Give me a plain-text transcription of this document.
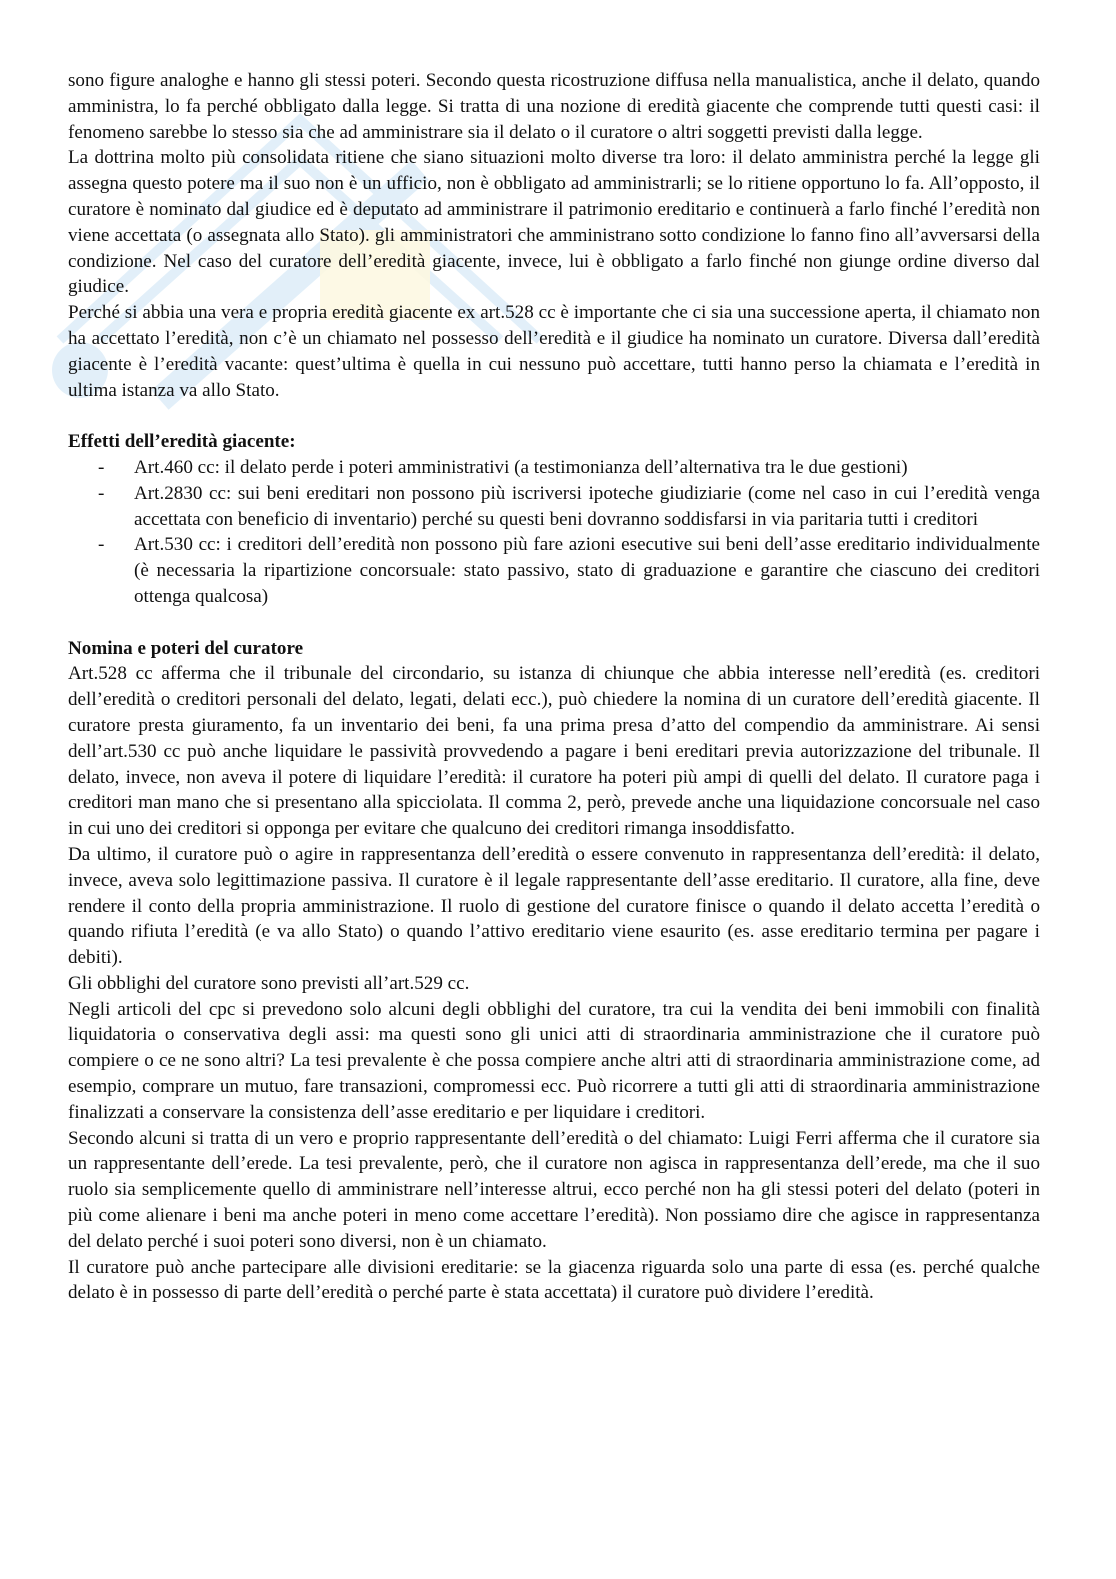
sono figure analoghe e hanno gli stessi poteri. Secondo questa ricostruzione diffusa nella manualistica, anche il delato, quando amministra, lo fa perché obbligato dalla legge. Si tratta di una nozione di eredità giacente che comprende tutti questi casi: il fenomeno sarebbe lo stesso sia che ad amministrare sia il delato o il curatore o altri soggetti previsti dalla legge.

La dottrina molto più consolidata ritiene che siano situazioni molto diverse tra loro: il delato amministra perché la legge gli assegna questo potere ma il suo non è un ufficio, non è obbligato ad amministrarli; se lo ritiene opportuno lo fa. All’opposto, il curatore è nominato dal giudice ed è deputato ad amministrare il patrimonio ereditario e continuerà a farlo finché l’eredità non viene accettata (o assegnata allo Stato). gli amministratori che amministrano sotto condizione lo fanno fino all’avversarsi della condizione. Nel caso del curatore dell’eredità giacente, invece, lui è obbligato a farlo finché non giunge ordine diverso dal giudice.

Perché si abbia una vera e propria eredità giacente ex art.528 cc è importante che ci sia una successione aperta, il chiamato non ha accettato l’eredità, non c’è un chiamato nel possesso dell’eredità e il giudice ha nominato un curatore. Diversa dall’eredità giacente è l’eredità vacante: quest’ultima è quella in cui nessuno può accettare, tutti hanno perso la chiamata e l’eredità in ultima istanza va allo Stato.

Effetti dell’eredità giacente:
- Art.460 cc: il delato perde i poteri amministrativi (a testimonianza dell’alternativa tra le due gestioni)
- Art.2830 cc: sui beni ereditari non possono più iscriversi ipoteche giudiziarie (come nel caso in cui l’eredità venga accettata con beneficio di inventario) perché su questi beni dovranno soddisfarsi in via paritaria tutti i creditori
- Art.530 cc: i creditori dell’eredità non possono più fare azioni esecutive sui beni dell’asse ereditario individualmente (è necessaria la ripartizione concorsuale: stato passivo, stato di graduazione e garantire che ciascuno dei creditori ottenga qualcosa)
Nomina e poteri del curatore

Art.528 cc afferma che il tribunale del circondario, su istanza di chiunque che abbia interesse nell’eredità (es. creditori dell’eredità o creditori personali del delato, legati, delati ecc.), può chiedere la nomina di un curatore dell’eredità giacente. Il curatore presta giuramento, fa un inventario dei beni, fa una prima presa d’atto del compendio da amministrare. Ai sensi dell’art.530 cc può anche liquidare le passività provvedendo a pagare i beni ereditari previa autorizzazione del tribunale. Il delato, invece, non aveva il potere di liquidare l’eredità: il curatore ha poteri più ampi di quelli del delato. Il curatore paga i creditori man mano che si presentano alla spicciolata. Il comma 2, però, prevede anche una liquidazione concorsuale nel caso in cui uno dei creditori si opponga per evitare che qualcuno dei creditori rimanga insoddisfatto.

Da ultimo, il curatore può o agire in rappresentanza dell’eredità o essere convenuto in rappresentanza dell’eredità: il delato, invece, aveva solo legittimazione passiva. Il curatore è il legale rappresentante dell’asse ereditario. Il curatore, alla fine, deve rendere il conto della propria amministrazione. Il ruolo di gestione del curatore finisce o quando il delato accetta l’eredità o quando rifiuta l’eredità (e va allo Stato) o quando l’attivo ereditario viene esaurito (es. asse ereditario termina per pagare i debiti).

Gli obblighi del curatore sono previsti all’art.529 cc.

Negli articoli del cpc si prevedono solo alcuni degli obblighi del curatore, tra cui la vendita dei beni immobili con finalità liquidatoria o conservativa degli assi: ma questi sono gli unici atti di straordinaria amministrazione che il curatore può compiere o ce ne sono altri? La tesi prevalente è che possa compiere anche altri atti di straordinaria amministrazione come, ad esempio, comprare un mutuo, fare transazioni, compromessi ecc. Può ricorrere a tutti gli atti di straordinaria amministrazione finalizzati a conservare la consistenza dell’asse ereditario e per liquidare i creditori.

Secondo alcuni si tratta di un vero e proprio rappresentante dell’eredità o del chiamato: Luigi Ferri afferma che il curatore sia un rappresentante dell’erede. La tesi prevalente, però, che il curatore non agisca in rappresentanza dell’erede, ma che il suo ruolo sia semplicemente quello di amministrare nell’interesse altrui, ecco perché non ha gli stessi poteri del delato (poteri in più come alienare i beni ma anche poteri in meno come accettare l’eredità). Non possiamo dire che agisce in rappresentanza del delato perché i suoi poteri sono diversi, non è un chiamato.

Il curatore può anche partecipare alle divisioni ereditarie: se la giacenza riguarda solo una parte di essa (es. perché qualche delato è in possesso di parte dell’eredità o perché parte è stata accettata) il curatore può dividere l’eredità.
